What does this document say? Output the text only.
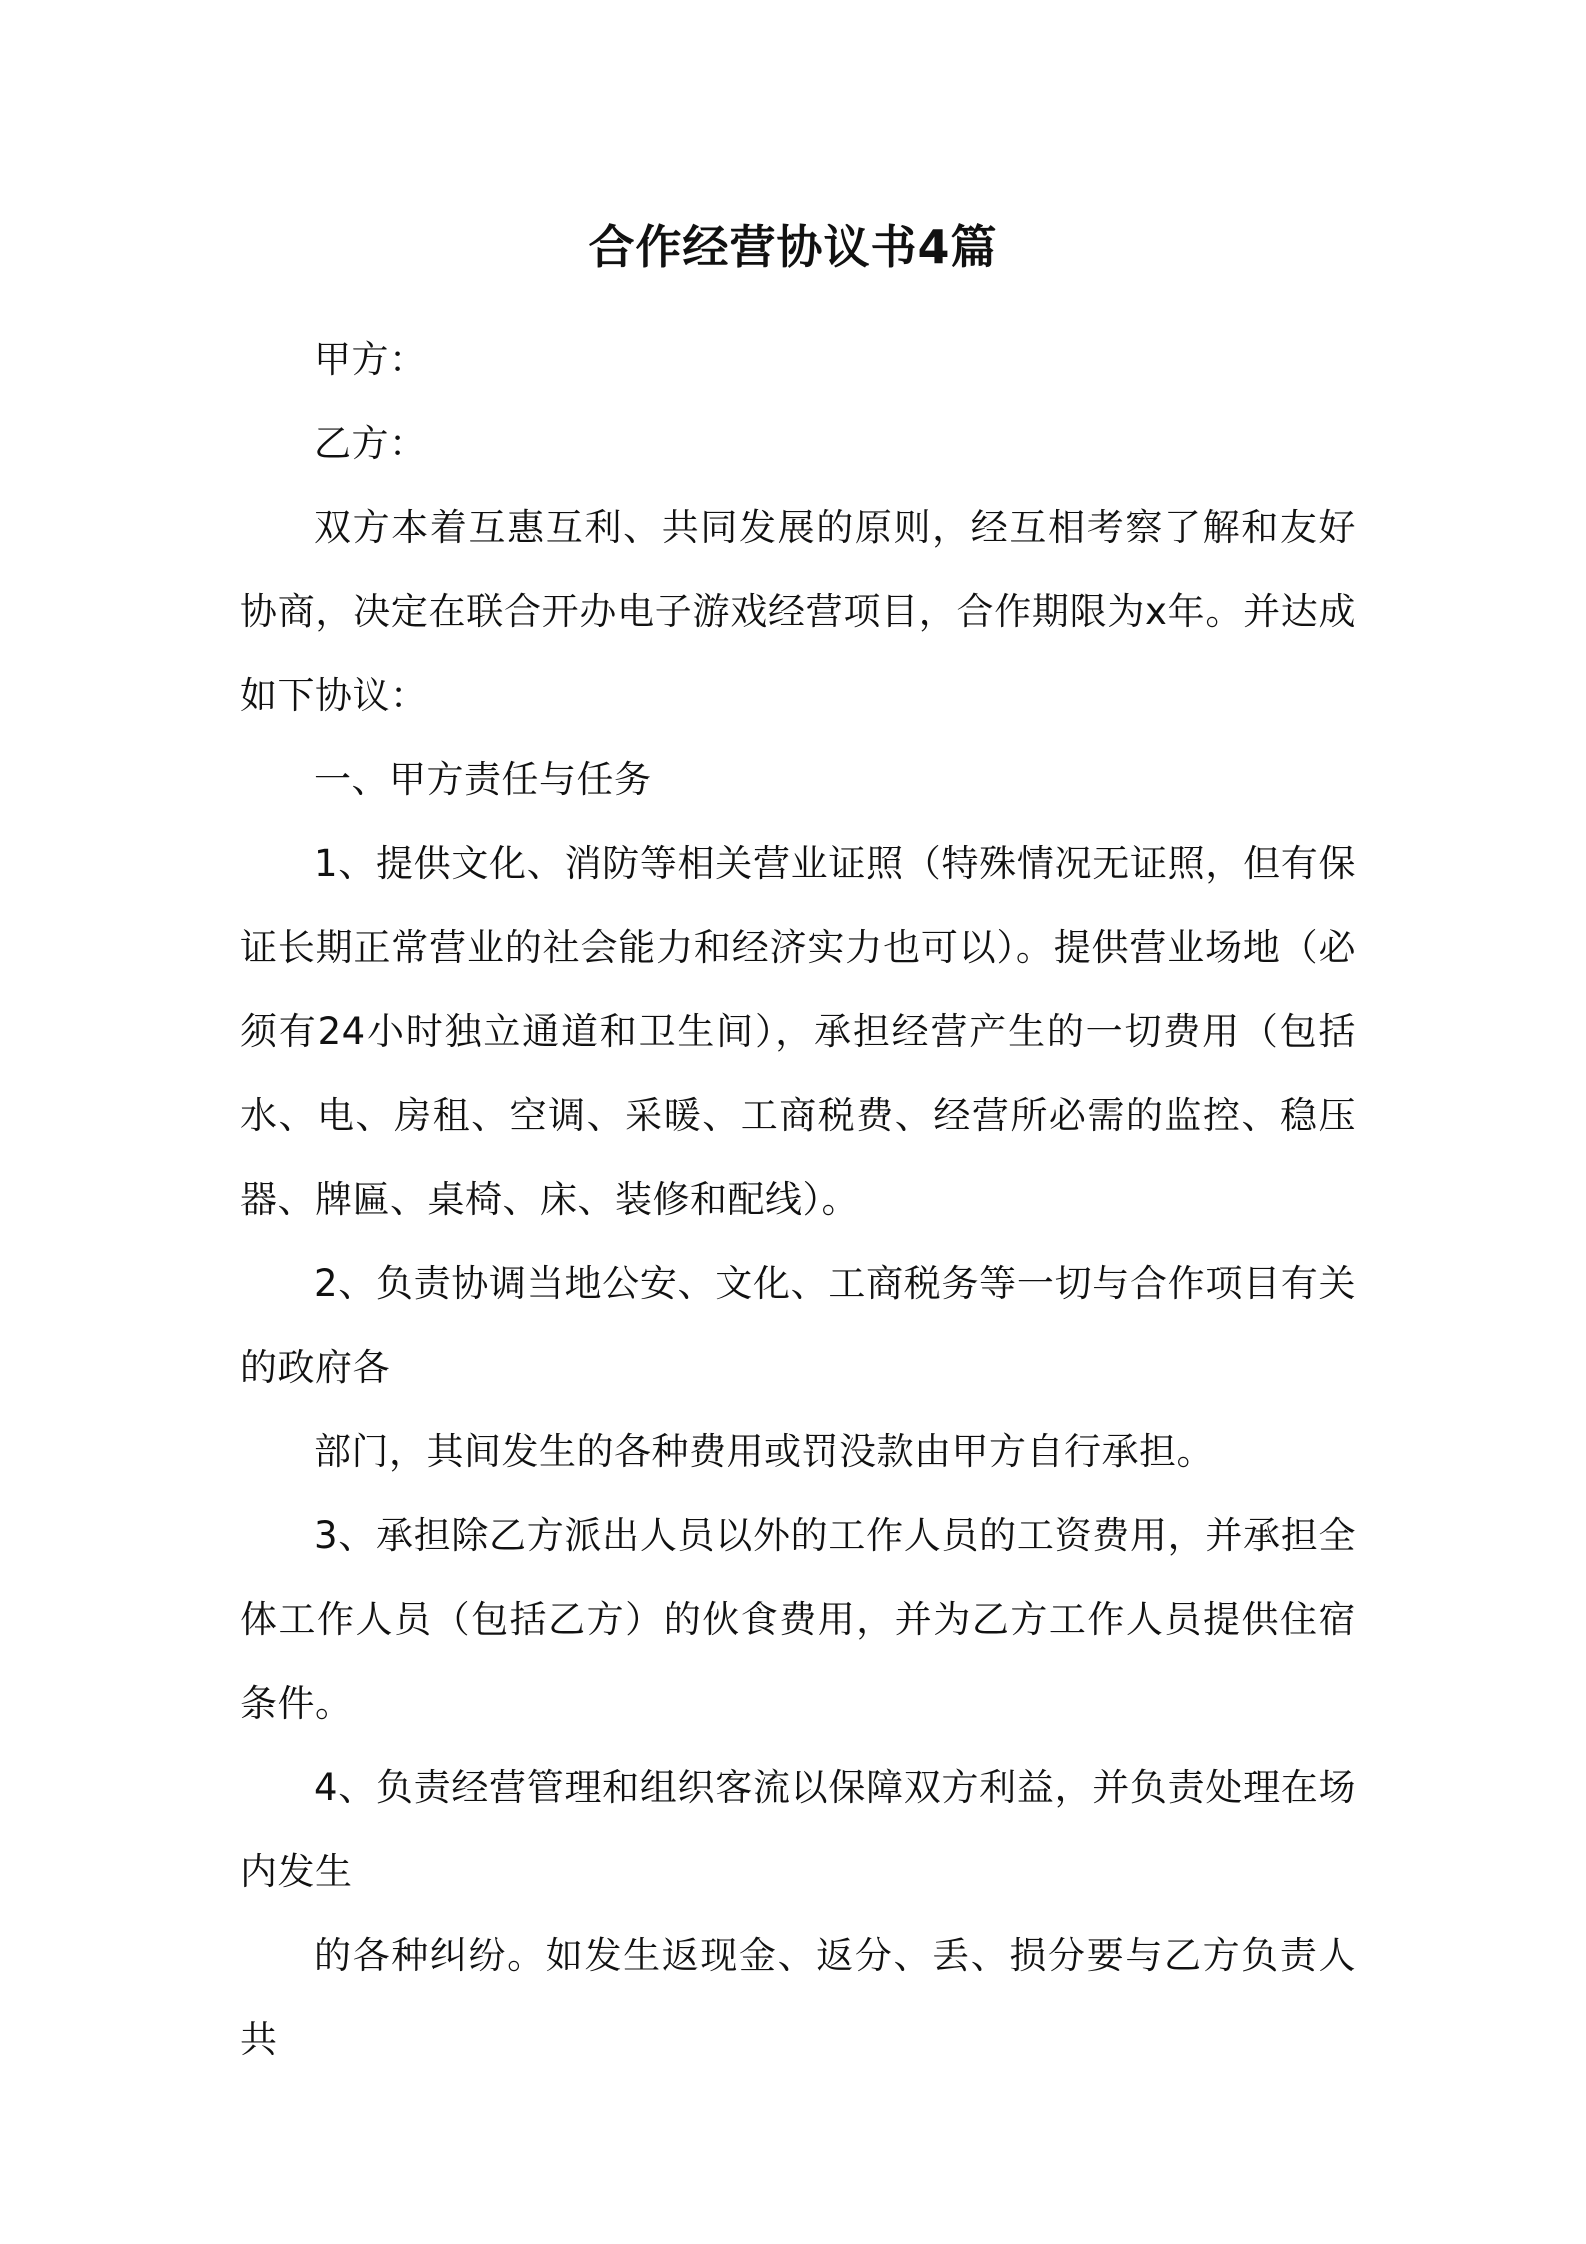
合作经营协议书4篇

甲方：

乙方：

双方本着互惠互利、共同发展的原则，经互相考察了解和友好协商，决定在联合开办电子游戏经营项目，合作期限为x年。并达成如下协议：

一、甲方责任与任务

1、提供文化、消防等相关营业证照（特殊情况无证照，但有保证长期正常营业的社会能力和经济实力也可以）。提供营业场地（必须有24小时独立通道和卫生间），承担经营产生的一切费用（包括水、电、房租、空调、采暖、工商税费、经营所必需的监控、稳压器、牌匾、桌椅、床、装修和配线）。

2、负责协调当地公安、文化、工商税务等一切与合作项目有关的政府各

部门，其间发生的各种费用或罚没款由甲方自行承担。

3、承担除乙方派出人员以外的工作人员的工资费用，并承担全体工作人员（包括乙方）的伙食费用，并为乙方工作人员提供住宿条件。

4、负责经营管理和组织客流以保障双方利益，并负责处理在场内发生

的各种纠纷。如发生返现金、返分、丢、损分要与乙方负责人共
